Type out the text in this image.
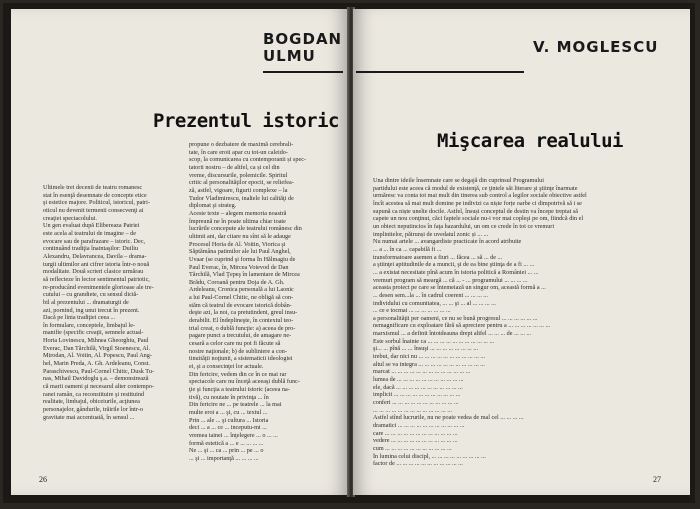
BOGDAN
ULMU
Prezentul istoric

Ultimele trei decenii de teatru romanesc

stat în esenţă desemnate de concepte etice

şi estetice majore. Politicul, istoricul, patri-

oticul nu devenit termenii consecvenţi ai

creaţiei spectacolului.

Un gen evaluat după Elibereaza Patriei

este acela al teatrului de imagine – de

evocare sau de parafrazare – istoric. Dec,

continuând tradiţia înaintaşilor: Duiliu

Alexandru, Delavrancea, Davila – drama-

turgii ultimilor ani cifrer istoria într-o nouă

modalitate. Două scrieri clasice urmărau

să reflecteze în lector sentimentul patriotic,

re-producând evenimentele glorioase ale tre-

cutului – cu grandiete, cu sensul dictă-

bil al prezentului ... dramaturgii de

azi, pornind, ing unui trecut în prezent.

Dacă pe linia tradiţiei ceea ...

în formulare, conceptele, limbajul le-

manifie (specific creaţii, semnele actual-

Horia Lovinescu, Mihnea Gheorghiu, Paul

Everac, Dan Tărchilă, Virgil Stoenescu, Al.

Mirodan, Al. Voitin, Al. Popescu, Paul Ang-

hel, Marin Preda, A. Gh. Ardeleanu, Const.

Paraschivescu, Paul-Cornel Chitic, Dusk Tu-

nas, Mihail Davidoglu ş.a. – demonstrează

că marii oameni şi necesarul alter contempo-

ranei ramân, ca reconstituire şi restituind

realitate, limbajul, obiceiurile, acţiunea

personajelor, gândurile, trăirile lor într-o

gravitate mai accentuată, în sensul ...

propune o dezbatere de maximă cerebrali-

tate, în care eroii apar cu tot-un caleido-

scop, la comunicarea cu contemporanii și spec-

tatorii nostru – de altfel, ca și cel din

vreme, discursurile, polemicile. Spiritul

critic al personalităţilor epocii, se reliefea-

ză, astfel, vigoare, figurii complexe – la

Tudor Vladimirescu, inaltele lui calităţi de

diplomat şi strateg.

Aceste texte – alegem memoria noastră

împreună ne în poate ultima chiar toate

lucrările concepute ale teatrului românesc din

ultimii ani, dar citare nu sînt să le adauge

Procesul Horia de Al. Voitin, Viorica şi

Săptămâna patimilor ale lui Paul Anghel,

Uvaar (se cuprind şi forma În Hălmagiu de

Paul Everac, în, Mircea Voievod de Dan

Tărchilă, Vlad Ţepeş în lamentare de Mircea

Brădu, Coroană pentru Doja de A. Gh.

Ardeleanu, Cronica personală a lui Laonic

a lui Paul-Cornel Chitic, ne obligă să con-

stăm că teatrul de evocare istorică dobân-

deşte azi, la noi, ca pretutindeni, greul insu-

derabilit. El îndeplineşte, în contextul teo-

trial creat, o dublă funcţie: a) aceea de pro-

pagare punct a trecutului, de amagare ne-

cesară a celor care nu pot fi făcute să

nostre naţionale; b) de subliniere a con-

tinuităţii noţiunii, a sistematicii ideologiei

ei, şi a consecinţei lor actuale.

Din fericire, vedem din ce în ce mai rar

spectacole care nu înceţă aceeaşi dublă func-

ţie şi funcţia a teatrului istoric (aceea na-

tivă), cu noutate în privinţa ... în

Din fericire ne ... pe teatrele ... la mai

multe eroi a ... şi, cu ... textul ...

Prin ... ale ... şi cultura ... Istoria

deci ... a ... ce ... inceputu-mi ...

vremea tainei ... înţelegere ... o ... ...

formă estetică a ... e ... ... ... ...

Ne ... şi ... ca ... prin ... pe ... o

... şi ... importanţă ... ... ... ...

26
V. MOGLESCU
Mişcarea realului

Una dintre ideile însemnate care se degajă din cuprinsul Programului

partidului este aceea că modul de existenţă, ce ţintele săi literare şi ştiinţe înarmate

urmăresc va conta tot mai mult din tinerea sub control a legilor sociale obiective astfel

încît acestea să mai mult domine pe indivizi ca niște forțe oarbe ci dimpotrivă să i se

supună ca niște unelte docile. Astfel, însuși conceptul de destin va începe treptat să

capete un nou conţinut, căci faptele sociale nu-i vor mai copleşi pe om, fiindcă din el

un obiect neputincios în faţa hazardului, un om ce crede în tot ce vremuri

implinitelor, pătrunși de uvedatul zonic și ... ...

Nu numai artele ... avangardiste practicate în acord atribuite

... a ... în ca ... capabilă fi ...

transformatoare asemen a fiuri ... făcea ... să ... de ...

a ştiinţei aptitudinile de a muncii, şi de ea bine ştiinţa de a fi ... ...

... a existat necesitate pînă acum în istoria politică a României ... ...

vremuri program să meargă ... că ... - ... programului ... ... ... ...

aceasta proiect pe care se întemeiază un singur om, această formă a ...

... desen sem...la ... în cadrul coerent ... ... ... ...

individului cu comunitatea, ... ... şi ... al ... ... ... ...

... ce e tocmai ... ... ... ... ... ... ...

a personalităţii per oameni, ce nu se bună progresul ... ... ... ... ... ...

nemagnificare cu exploatare fără să apreciere pentru a ... ... ... ... ... ... ...

marxismul ... a definit întotdeauna drept altfel ... ... ... de ... ... ...

Este sorbul înainte ca ... ... ... ... ... ... ... ... ... ... ...

şi... ... pînă ... ... însuşi ... ... ... ... ... ... ... ...

trebui, dar nici nu ... ... ... ... ... ... ... ... ... ... ...

altul se va integra ... ... ... ... ... ... ... ... ... ... ...

marcat ... ... ... ... ... ... ... ... ... ... ... ... ...

lumea de ... ... ... ... ... ... ... ... ... ... ...

ele, dacă ... ... ... ... ... ... ... ... ... ... ...

implicit ... ... ... ... ... ... ... ... ... ... ...

conferi ... ... ... ... ... ... ... ... ... ... ...

... ... ... ... ... ... ... ... ... ... ... ... ...

Astfel stînd lucrurile, nu ne poate vedea de mal cel ... ... ... ...

dramatici ... ... ... ... ... ... ... ... ... ... ...

care ... ... ... ... ... ... ... ... ... ... ... ...

vedere ... ... ... ... ... ... ... ... ... ... ...

cum ... ... ... ... ... ... ... ... ... ... ...

În lumina celui discipl, ... ... ... ... ... ... ... ... ...

factor de ... ... ... ... ... ... ... ... ... ... ...

27
